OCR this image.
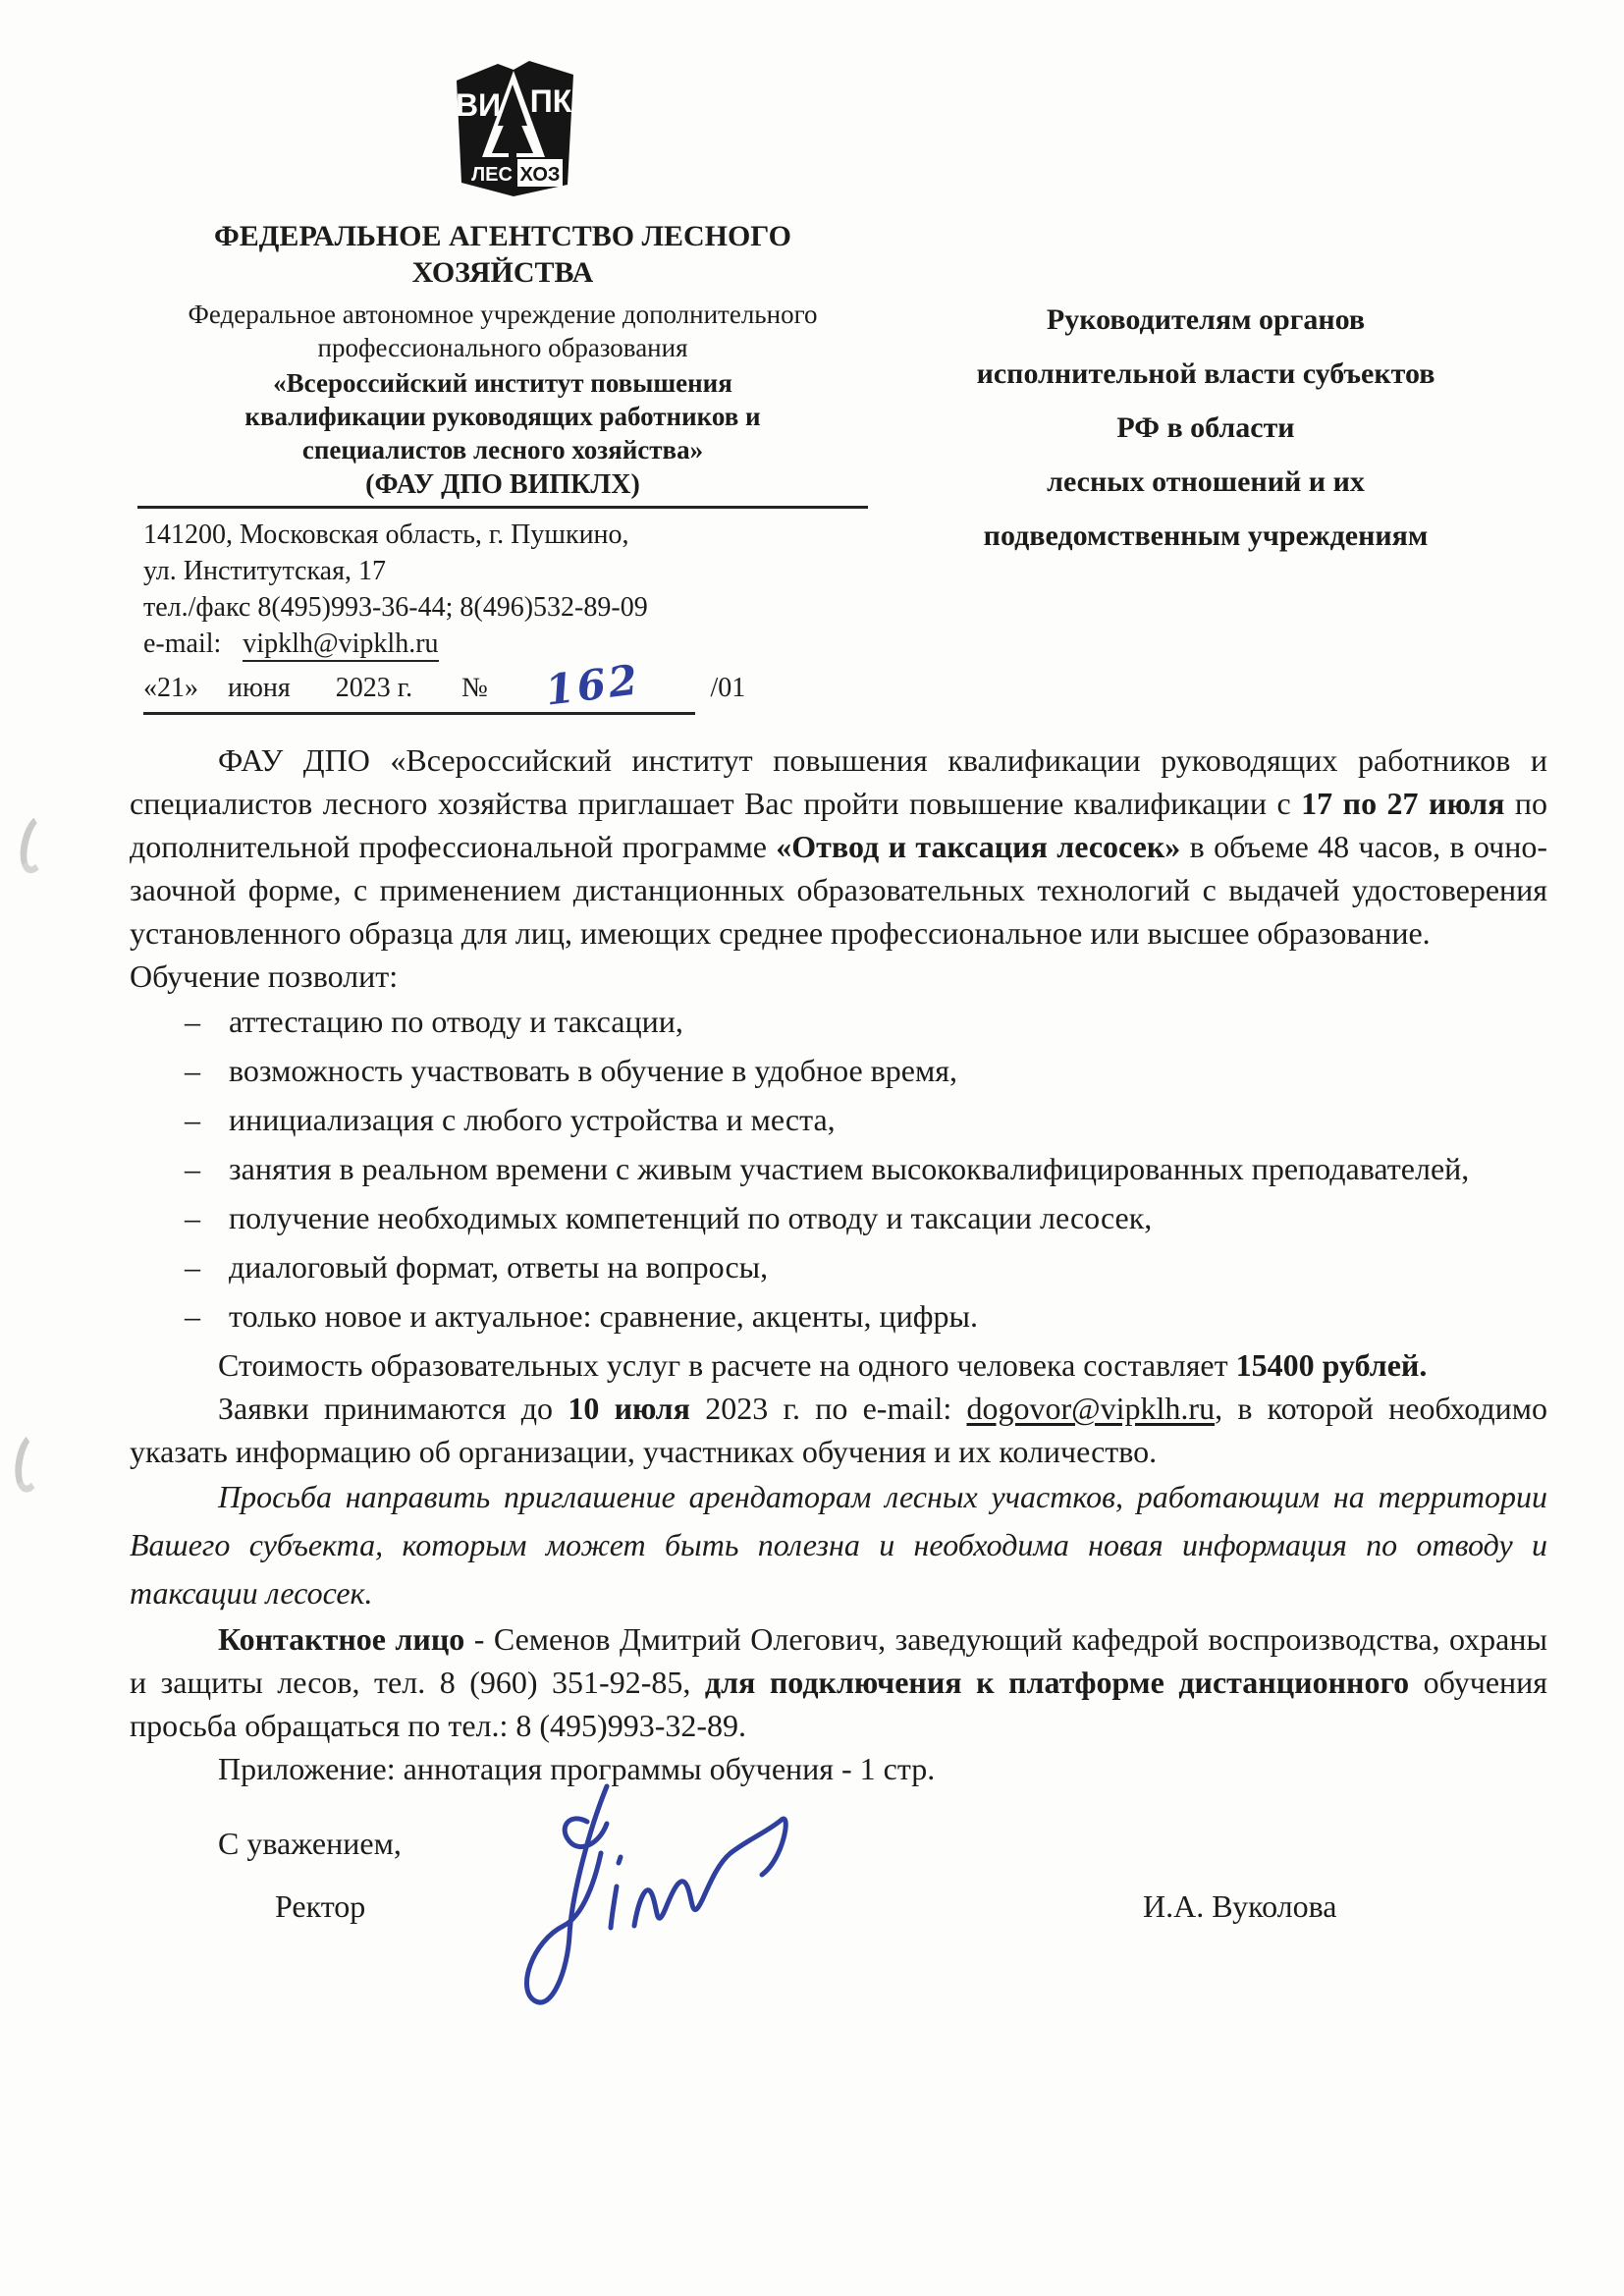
ВИ ПК
ЛЕС ХОЗ
ФЕДЕРАЛЬНОЕ АГЕНТСТВО ЛЕСНОГО ХОЗЯЙСТВА
Федеральное автономное учреждение дополнительного профессионального образования
«Всероссийский институт повышения квалификации руководящих работников и специалистов лесного хозяйства»
(ФАУ ДПО ВИПКЛХ)
141200, Московская область, г. Пушкино,
ул. Институтская, 17
тел./факс 8(495)993-36-44; 8(496)532-89-09
e-mail: vipklh@vipklh.ru
«21» июня 2023 г. № 162 /01
Руководителям органов
исполнительной власти субъектов
РФ в области
лесных отношений и их
подведомственным учреждениям

ФАУ ДПО «Всероссийский институт повышения квалификации руководящих работников и специалистов лесного хозяйства приглашает Вас пройти повышение квалификации с 17 по 27 июля по дополнительной профессиональной программе «Отвод и таксация лесосек» в объеме 48 часов, в очно-заочной форме, с применением дистанционных образовательных технологий с выдачей удостоверения установленного образца для лиц, имеющих среднее профессиональное или высшее образование.

Обучение позволит:

– аттестацию по отводу и таксации,
– возможность участвовать в обучение в удобное время,
– инициализация с любого устройства и места,
– занятия в реальном времени с живым участием высококвалифицированных преподавателей,
– получение необходимых компетенций по отводу и таксации лесосек,
– диалоговый формат, ответы на вопросы,
– только новое и актуальное: сравнение, акценты, цифры.

Стоимость образовательных услуг в расчете на одного человека составляет 15400 рублей.

Заявки принимаются до 10 июля 2023 г. по e-mail: dogovor@vipklh.ru, в которой необходимо указать информацию об организации, участниках обучения и их количество.

Просьба направить приглашение арендаторам лесных участков, работающим на территории Вашего субъекта, которым может быть полезна и необходима новая информация по отводу и таксации лесосек.

Контактное лицо - Семенов Дмитрий Олегович, заведующий кафедрой воспроизводства, охраны и защиты лесов, тел. 8 (960) 351-92-85, для подключения к платформе дистанционного обучения просьба обращаться по тел.: 8 (495)993-32-89.

Приложение: аннотация программы обучения - 1 стр.

С уважением,
Ректор	И.А. Вуколова
